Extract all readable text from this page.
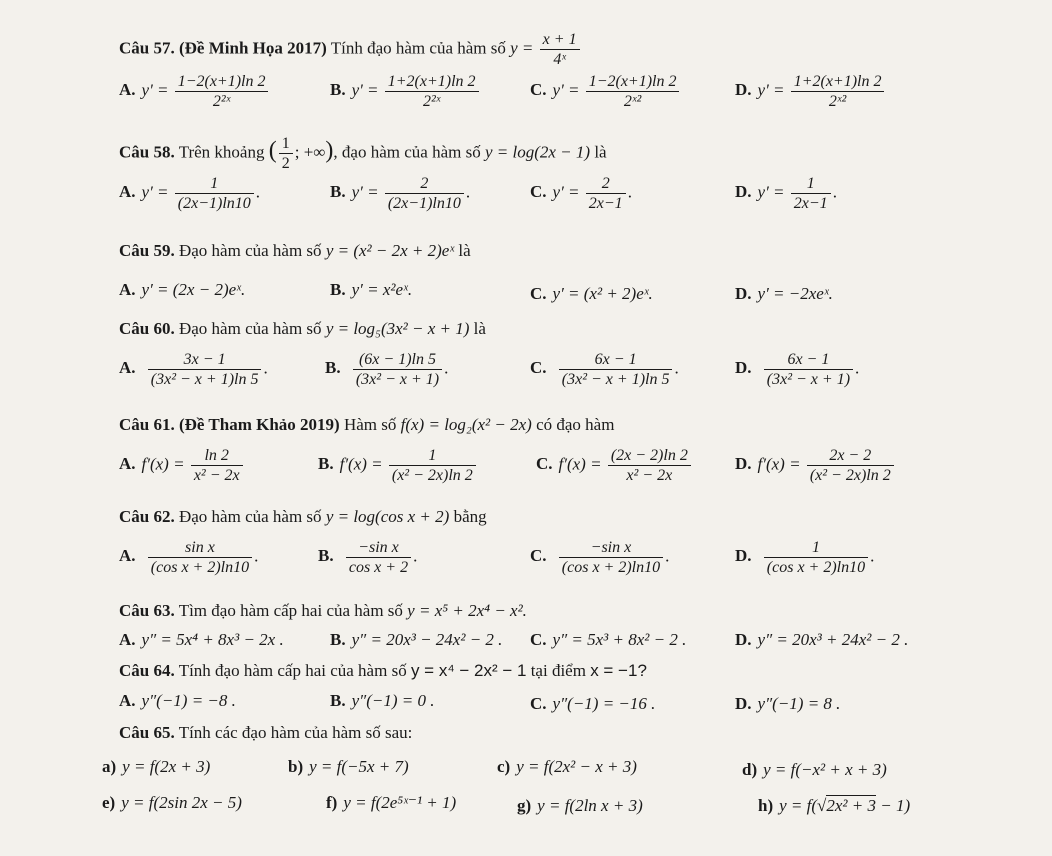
Câu 57. (Đề Minh Họa 2017) Tính đạo hàm của hàm số $y = \frac{x + 1}{\text{4ˣ}}$
A. $y' = \frac{1-2(x+1)\ln 2}{\text{2²ˣ}}$	B. $y' = \frac{1+2(x+1)\ln 2}{\text{2²ˣ}}$	C. $y' = \frac{1-2(x+1)\ln 2}{\text{2ˣ²}}$	D. $y' = \frac{1+2(x+1)\ln 2}{\text{2ˣ²}}$
Câu 58. Trên khoảng ( $\frac{1}{2}$ ; +∞), đạo hàm của hàm số y = log(2x − 1) là
A. $y' = \frac{1}{(2x-1)\ln 10}$ .	B. $y' = \frac{2}{(2x-1)\ln 10}$ .	C. $y' = \frac{2}{2x-1}$ .	D. $y' = \frac{1}{2x-1}$ .
Câu 59. Đạo hàm của hàm số y = (x² − 2x + 2)eˣ là
A. y′ = (2x − 2)eˣ.	B. y′ = x²eˣ.	C. y′ = (x² + 2)eˣ.	D. y′ = −2xeˣ.
Câu 60. Đạo hàm của hàm số y = log₅(3x² − x + 1) là
A. $\frac{3x - 1}{\text{(3x² − x + 1)ln 5}}$ .	B. $\frac{(6x - 1)\ln 5}{\text{(3x² − x + 1)}}$ .	C. $\frac{6x - 1}{\text{(3x² − x + 1)ln 5}}$ .	D. $\frac{6x - 1}{\text{(3x² − x + 1)}}$ .
Câu 61. (Đề Tham Khảo 2019) Hàm số f(x) = log₂(x² − 2x) có đạo hàm
A. $f'(x) = \frac{\ln 2}{\text{x² − 2x}}$	B. $f'(x) = \frac{1}{\text{(x² − 2x)ln 2}}$	C. $f'(x) = \frac{(2x - 2)\ln 2}{\text{x² − 2x}}$	D. $f'(x) = \frac{2x - 2}{\text{(x² − 2x)ln 2}}$
Câu 62. Đạo hàm của hàm số y = log(cos x + 2) bằng
A. $\frac{\text{sin x}}{\text{(cos x + 2)ln10}}$ .	B. $\frac{\text{−sin x}}{\text{cos x + 2}}$ .	C. $\frac{\text{−sin x}}{\text{(cos x + 2)ln10}}$ .	D. $\frac{1}{\text{(cos x + 2)ln10}}$ .
Câu 63. Tìm đạo hàm cấp hai của hàm số y = x⁵ + 2x⁴ − x².
A. y″ = 5x⁴ + 8x³ − 2x .	B. y″ = 20x³ − 24x² − 2 . C. y″ = 5x³ + 8x² − 2 .	D. y″ = 20x³ + 24x² − 2 .
Câu 64. Tính đạo hàm cấp hai của hàm số y = x⁴ − 2x² − 1 tại điểm x = −1?
A. y″(−1) = −8 .	B. y″(−1) = 0 .	C. y″(−1) = −16 .	D. y″(−1) = 8 .
Câu 65. Tính các đạo hàm của hàm số sau:
a) y = f(2x + 3)	b) y = f(−5x + 7)	c) y = f(2x² − x + 3)	d) y = f(−x² + x + 3)
e) y = f(2sin 2x − 5)	f) y = f(2e⁵ˣ⁻¹ + 1)	g) y = f(2ln x + 3)	h) y = f(√2x² + 3 − 1)
